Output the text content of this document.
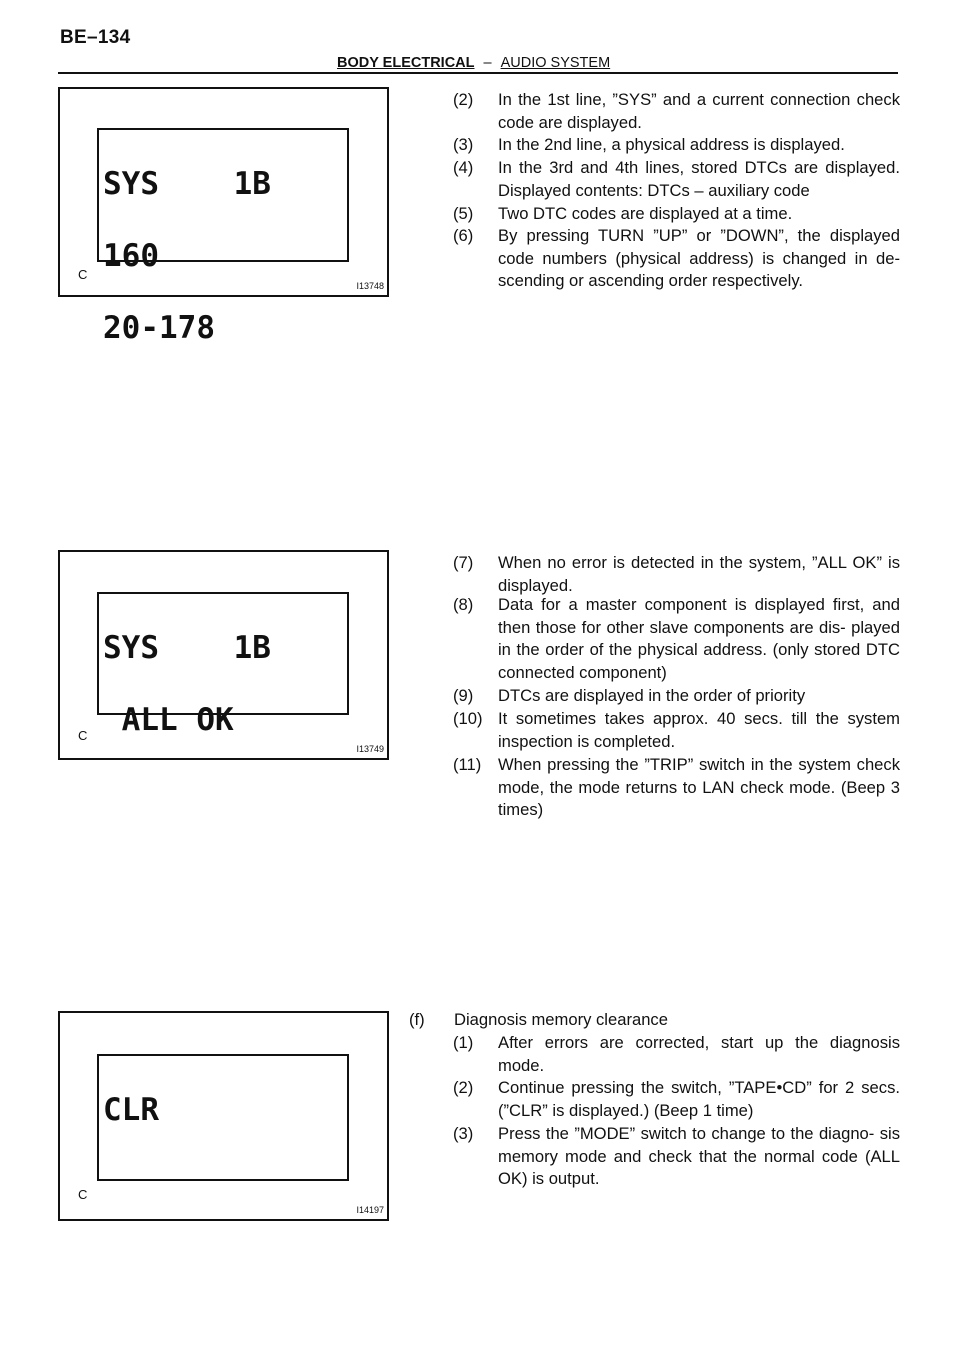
BE–134
BODY ELECTRICAL – AUDIO SYSTEM

SYS    1B

160

20-178

C
I13748

SYS    1B

ALL OK

C
I13749

CLR

C
I14197
(2) In the 1st line, ”SYS” and a current connection check code are displayed.
(3) In the 2nd line, a physical address is displayed.
(4) In the 3rd and 4th lines, stored DTCs are displayed. Displayed contents: DTCs – auxiliary code
(5) Two DTC codes are displayed at a time.
(6) By pressing TURN ”UP” or ”DOWN”, the displayed code numbers (physical address) is changed in de- scending or ascending order respectively.
(7) When no error is detected in the system, ”ALL OK” is displayed.
(8) Data for a master component is displayed first, and then those for other slave components are dis- played in the order of the physical address. (only stored DTC connected component)
(9) DTCs are displayed in the order of priority
(10) It sometimes takes approx. 40 secs. till the system inspection is completed.
(11) When pressing the ”TRIP” switch in the system check mode, the mode returns to LAN check mode. (Beep 3 times)
(f) Diagnosis memory clearance
(1) After errors are corrected, start up the diagnosis mode.
(2) Continue pressing the switch, ”TAPE•CD” for 2 secs. (”CLR” is displayed.) (Beep 1 time)
(3) Press the ”MODE” switch to change to the diagno- sis memory mode and check that the normal code (ALL OK) is output.
